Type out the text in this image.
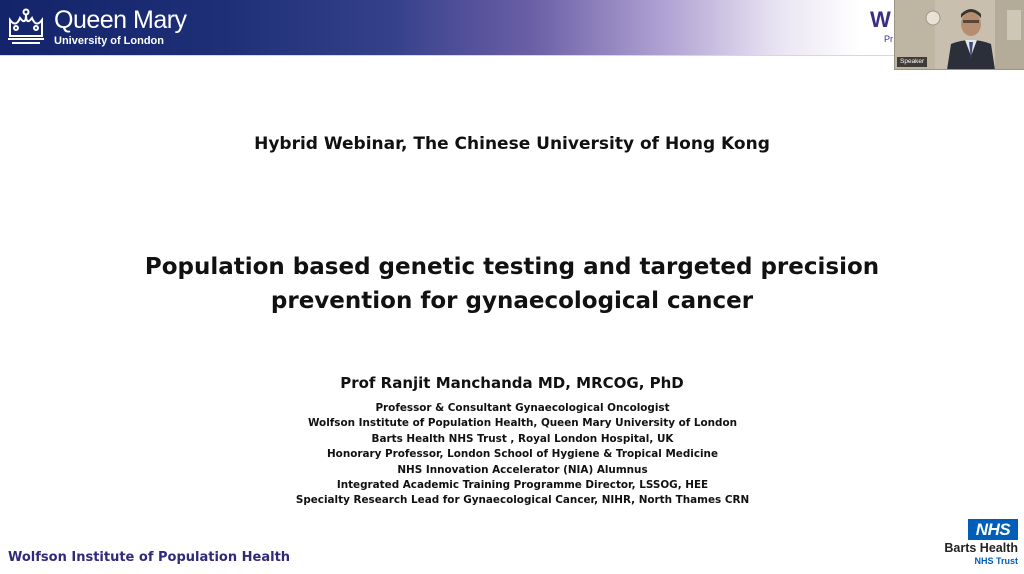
Queen Mary
University of London
W
Pr
Speaker
Hybrid Webinar, The Chinese University of Hong Kong
Population based genetic testing and targeted precision
prevention for gynaecological cancer
Prof Ranjit Manchanda MD, MRCOG, PhD
Professor & Consultant Gynaecological Oncologist
Wolfson Institute of Population Health, Queen Mary University of London
Barts Health NHS Trust , Royal London Hospital, UK
Honorary Professor, London School of Hygiene & Tropical Medicine
NHS Innovation Accelerator (NIA) Alumnus
Integrated Academic Training Programme Director, LSSOG, HEE
Specialty Research Lead for Gynaecological Cancer, NIHR, North Thames CRN
Wolfson Institute of Population Health
NHS
Barts Health
NHS Trust
